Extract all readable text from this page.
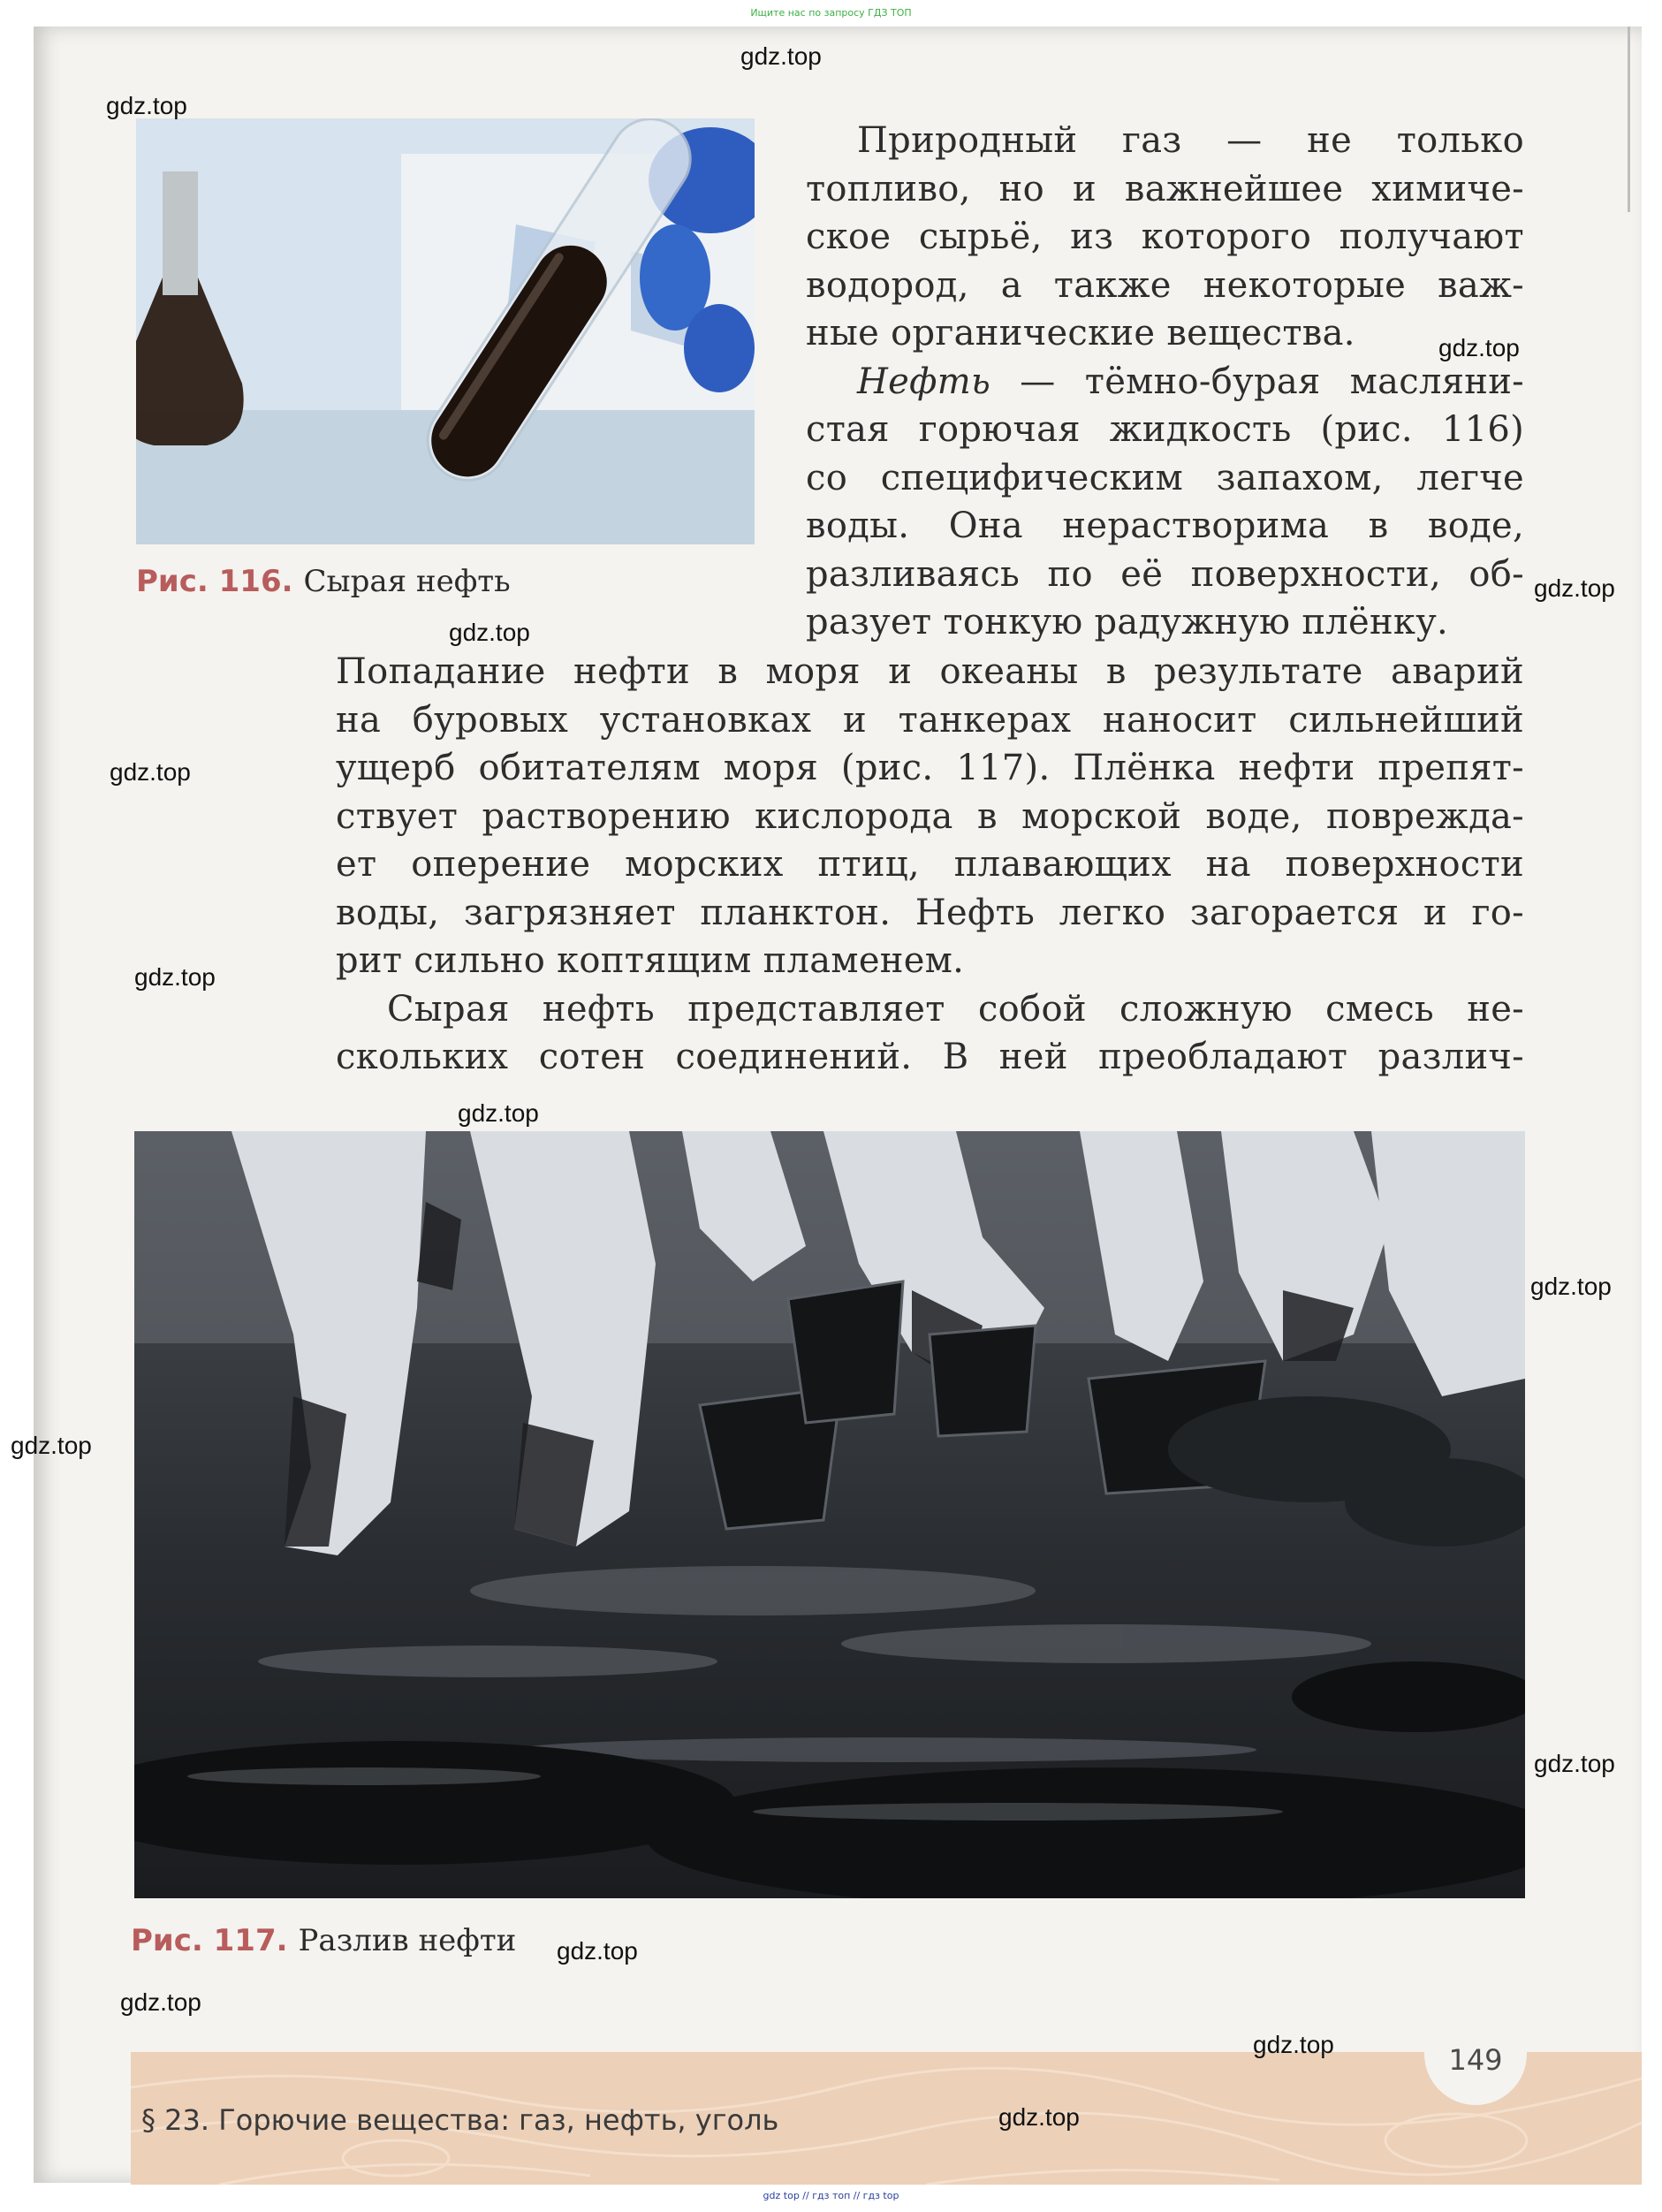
Ищите нас по запросу ГДЗ ТОП
Рис. 116. Сырая нефть
Природный газ — не только
топливо, но и важнейшее химиче-
ское сырьё, из которого получают
водород, а также некоторые важ-
ные органические вещества.
Нефть — тёмно-бурая масляни-
стая горючая жидкость (рис. 116)
со специфическим запахом, легче
воды. Она нерастворима в воде,
разливаясь по её поверхности, об-
разует тонкую радужную плёнку.
Попадание нефти в моря и океаны в результате аварий
на буровых установках и танкерах наносит сильнейший
ущерб обитателям моря (рис. 117). Плёнка нефти препят-
ствует растворению кислорода в морской воде, поврежда-
ет оперение морских птиц, плавающих на поверхности
воды, загрязняет планктон. Нефть легко загорается и го-
рит сильно коптящим пламенем.
Сырая нефть представляет собой сложную смесь не-
скольких сотен соединений. В ней преобладают различ-
Рис. 117. Разлив нефти
149
§ 23. Горючие вещества: газ, нефть, уголь
gdz.top
gdz.top
gdz.top
gdz.top
gdz.top
gdz.top
gdz.top
gdz.top
gdz.top
gdz.top
gdz.top
gdz.top
gdz.top
gdz.top
gdz.top
gdz top // гдз топ // гдз top
